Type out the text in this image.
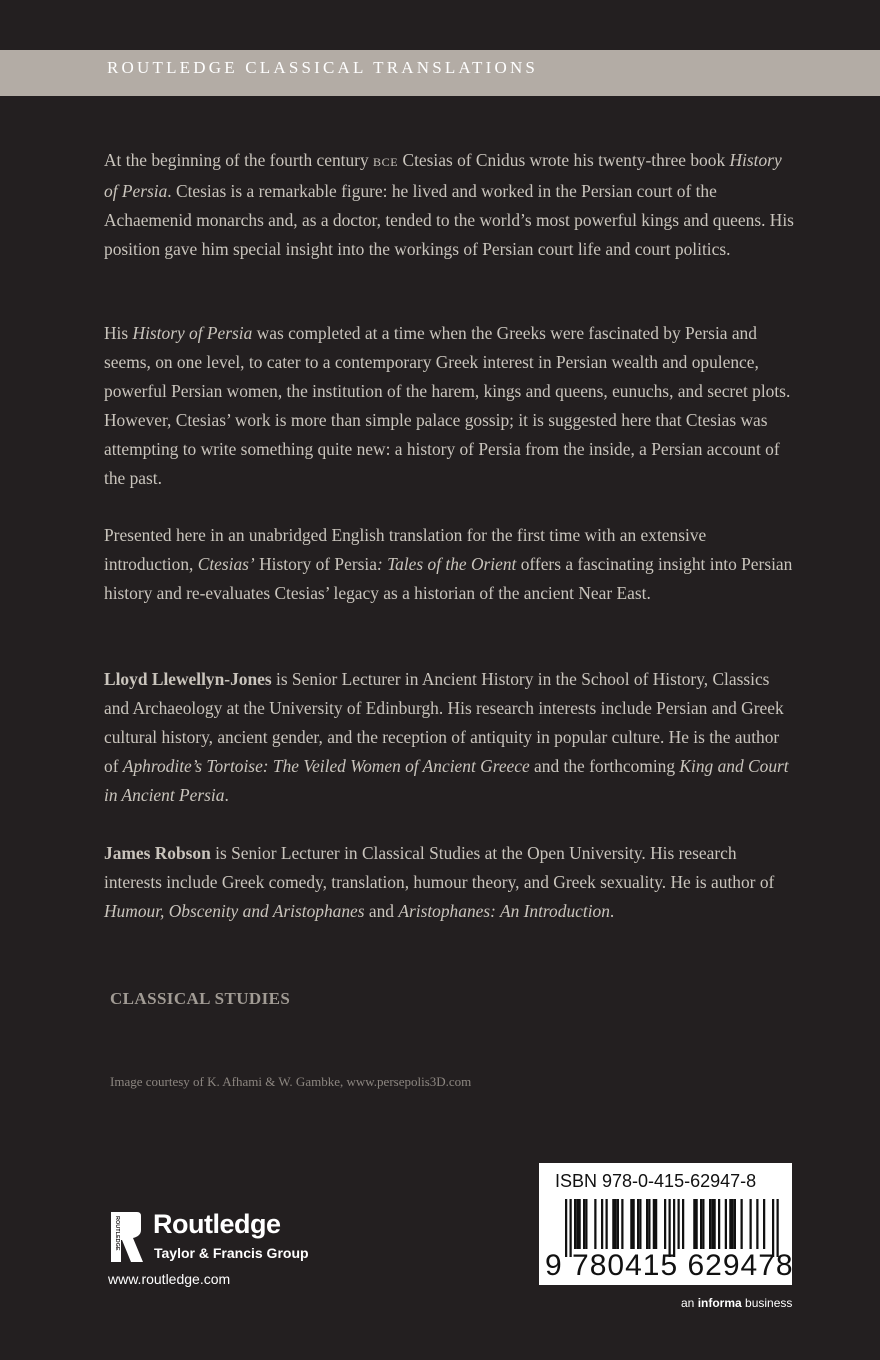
ROUTLEDGE CLASSICAL TRANSLATIONS

At the beginning of the fourth century BCE Ctesias of Cnidus wrote his twenty-three book History of Persia. Ctesias is a remarkable figure: he lived and worked in the Persian court of the Achaemenid monarchs and, as a doctor, tended to the world’s most powerful kings and queens. His position gave him special insight into the workings of Persian court life and court politics.

His History of Persia was completed at a time when the Greeks were fascinated by Persia and seems, on one level, to cater to a contemporary Greek interest in Persian wealth and opulence, powerful Persian women, the institution of the harem, kings and queens, eunuchs, and secret plots. However, Ctesias’ work is more than simple palace gossip; it is suggested here that Ctesias was attempting to write something quite new: a history of Persia from the inside, a Persian account of the past.

Presented here in an unabridged English translation for the first time with an extensive introduction, Ctesias’ History of Persia: Tales of the Orient offers a fascinating insight into Persian history and re-evaluates Ctesias’ legacy as a historian of the ancient Near East.

Lloyd Llewellyn-Jones is Senior Lecturer in Ancient History in the School of History, Classics and Archaeology at the University of Edinburgh. His research interests include Persian and Greek cultural history, ancient gender, and the reception of antiquity in popular culture. He is the author of Aphrodite’s Tortoise: The Veiled Women of Ancient Greece and the forthcoming King and Court in Ancient Persia.

James Robson is Senior Lecturer in Classical Studies at the Open University. His research interests include Greek comedy, translation, humour theory, and Greek sexuality. He is author of Humour, Obscenity and Aristophanes and Aristophanes: An Introduction.

CLASSICAL STUDIES
Image courtesy of K. Afhami & W. Gambke, www.persepolis3D.com
ROUTLEDGE Routledge
Taylor & Francis Group
www.routledge.com
ISBN 978-0-415-62947-8
9 780415 629478
an informa business
